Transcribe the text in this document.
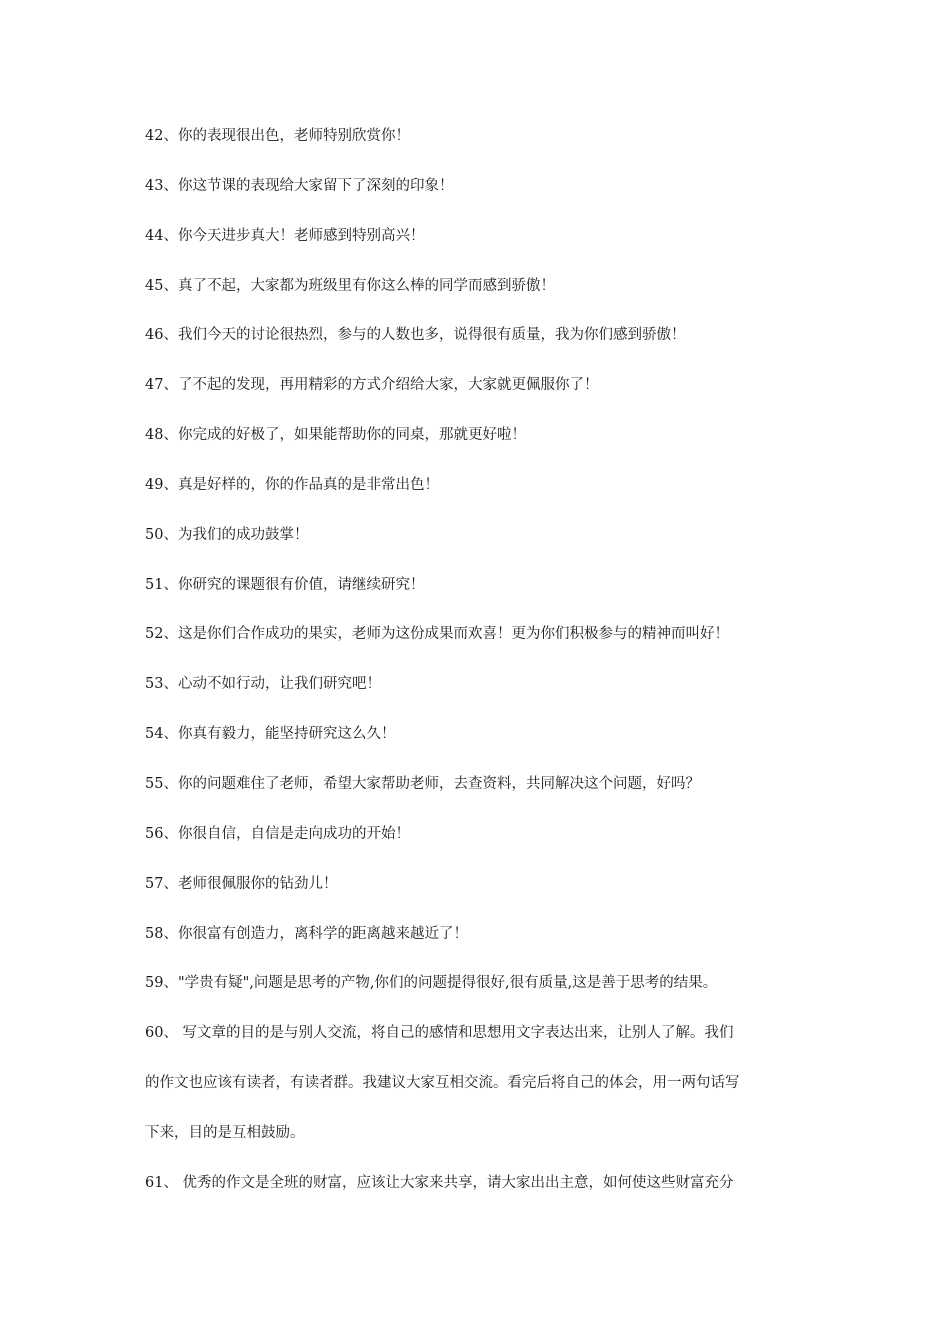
42、你的表现很出色，老师特别欣赏你！

43、你这节课的表现给大家留下了深刻的印象！

44、你今天进步真大！老师感到特别高兴！

45、真了不起，大家都为班级里有你这么棒的同学而感到骄傲！

46、我们今天的讨论很热烈，参与的人数也多，说得很有质量，我为你们感到骄傲！

47、了不起的发现，再用精彩的方式介绍给大家，大家就更佩服你了！

48、你完成的好极了，如果能帮助你的同桌，那就更好啦！

49、真是好样的，你的作品真的是非常出色！

50、为我们的成功鼓掌！

51、你研究的课题很有价值，请继续研究！

52、这是你们合作成功的果实，老师为这份成果而欢喜！更为你们积极参与的精神而叫好！

53、心动不如行动，让我们研究吧！

54、你真有毅力，能坚持研究这么久！

55、你的问题难住了老师，希望大家帮助老师，去查资料，共同解决这个问题，好吗？

56、你很自信，自信是走向成功的开始！

57、老师很佩服你的钻劲儿！

58、你很富有创造力，离科学的距离越来越近了！

59、"学贵有疑",问题是思考的产物,你们的问题提得很好,很有质量,这是善于思考的结果。

60、 写文章的目的是与别人交流，将自己的感情和思想用文字表达出来，让别人了解。我们
的作文也应该有读者，有读者群。我建议大家互相交流。看完后将自己的体会，用一两句话写
下来，目的是互相鼓励。
61、 优秀的作文是全班的财富，应该让大家来共享，请大家出出主意，如何使这些财富充分
